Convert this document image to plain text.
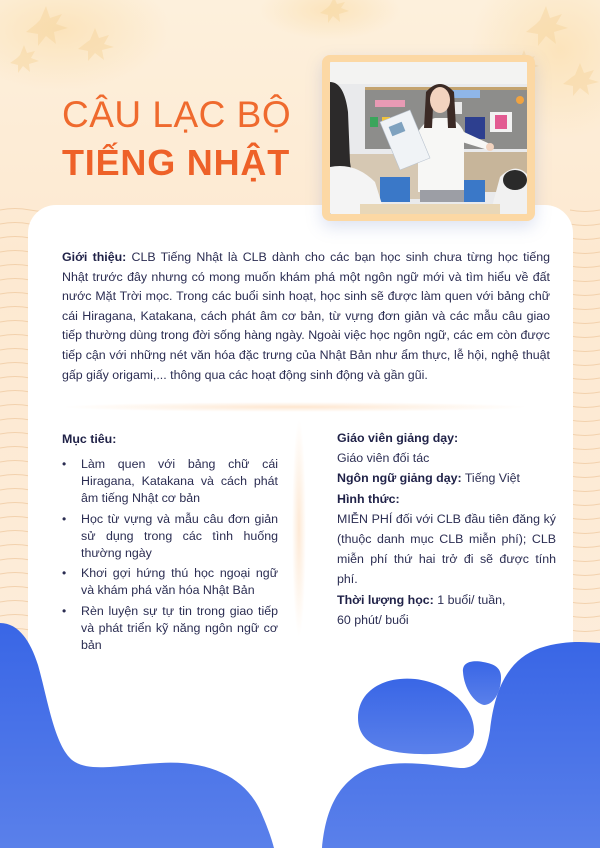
CÂU LẠC BỘ
TIẾNG NHẬT

Giới thiệu: CLB Tiếng Nhật là CLB dành cho các bạn học sinh chưa từng học tiếng Nhật trước đây nhưng có mong muốn khám phá một ngôn ngữ mới và tìm hiểu về đất nước Mặt Trời mọc. Trong các buổi sinh hoạt, học sinh sẽ được làm quen với bảng chữ cái Hiragana, Katakana, cách phát âm cơ bản, từ vựng đơn giản và các mẫu câu giao tiếp thường dùng trong đời sống hàng ngày. Ngoài việc học ngôn ngữ, các em còn được tiếp cận với những nét văn hóa đặc trưng của Nhật Bản như ẩm thực, lễ hội, nghệ thuật gấp giấy origami,... thông qua các hoạt động sinh động và gần gũi.

Mục tiêu:
•	Làm quen với bảng chữ cái Hiragana, Katakana và cách phát âm tiếng Nhật cơ bản
•	Học từ vựng và mẫu câu đơn giản sử dụng trong các tình huống thường ngày
•	Khơi gợi hứng thú học ngoại ngữ và khám phá văn hóa Nhật Bản
•	Rèn luyện sự tự tin trong giao tiếp và phát triển kỹ năng ngôn ngữ cơ bản
Giáo viên giảng dạy:
Giáo viên đối tác
Ngôn ngữ giảng dạy: Tiếng Việt
Hình thức:
MIỄN PHÍ đối với CLB đầu tiên đăng ký (thuộc danh mục CLB miễn phí); CLB miễn phí thứ hai trở đi sẽ được tính phí.
Thời lượng học: 1 buổi/ tuần,
60 phút/ buổi
